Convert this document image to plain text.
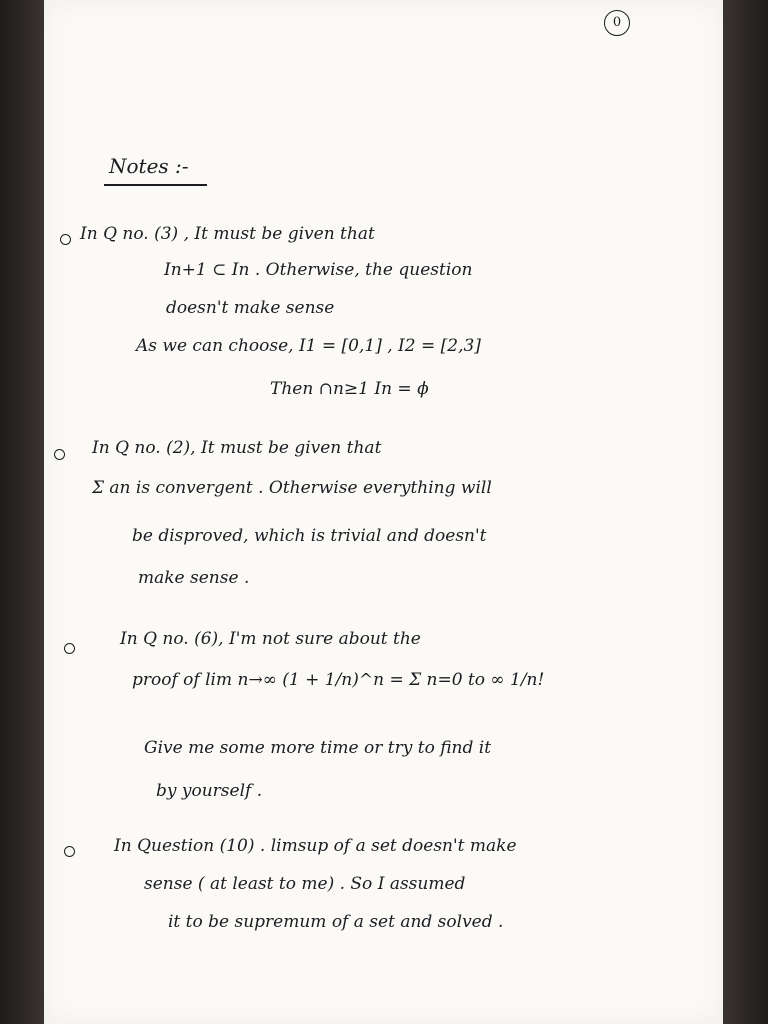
0
Notes :-
In Q no. (3) , It must be given that
In+1 ⊂ In . Otherwise, the question
doesn't make sense
As we can choose, I1 = [0,1] , I2 = [2,3]
Then ∩n≥1 In = ϕ
In Q no. (2), It must be given that
Σ an is convergent . Otherwise everything will
be disproved, which is trivial and doesn't
make sense .
In Q no. (6), I'm not sure about the
proof of lim n→∞ (1 + 1/n)^n = Σ n=0 to ∞ 1/n!
Give me some more time or try to find it
by yourself .
In Question (10) . limsup of a set doesn't make
sense ( at least to me) . So I assumed
it to be supremum of a set and solved .
